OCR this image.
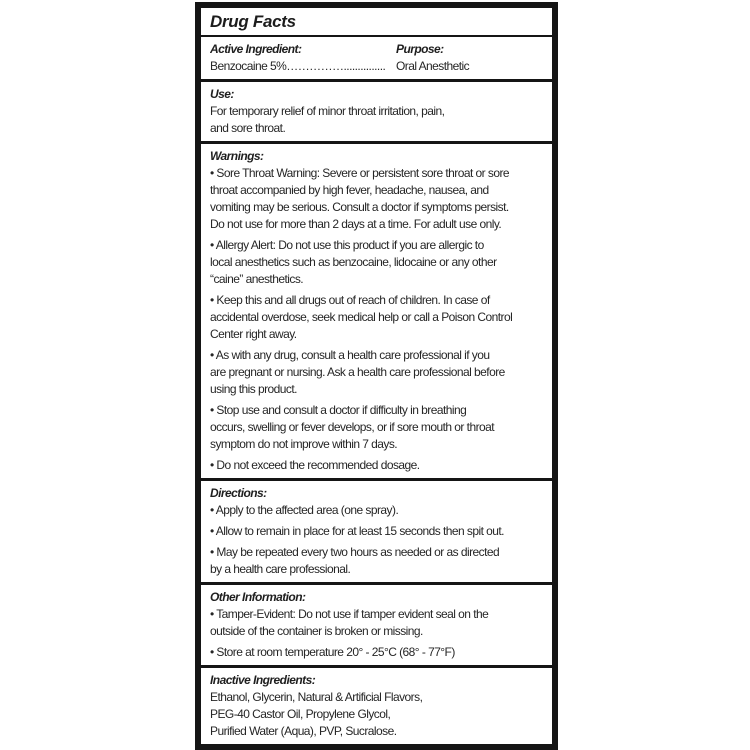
Drug Facts
Active Ingredient:	Purpose:
Benzocaine 5%……………............... Oral Anesthetic
Use:
For temporary relief of minor throat irritation, pain,
and sore throat.
Warnings:
• Sore Throat Warning: Severe or persistent sore throat or sore
throat accompanied by high fever, headache, nausea, and
vomiting may be serious. Consult a doctor if symptoms persist.
Do not use for more than 2 days at a time. For adult use only.
• Allergy Alert: Do not use this product if you are allergic to
local anesthetics such as benzocaine, lidocaine or any other
“caine” anesthetics.
• Keep this and all drugs out of reach of children. In case of
accidental overdose, seek medical help or call a Poison Control
Center right away.
• As with any drug, consult a health care professional if you
are pregnant or nursing. Ask a health care professional before
using this product.
• Stop use and consult a doctor if difficulty in breathing
occurs, swelling or fever develops, or if sore mouth or throat
symptom do not improve within 7 days.
• Do not exceed the recommended dosage.
Directions:
• Apply to the affected area (one spray).
• Allow to remain in place for at least 15 seconds then spit out.
• May be repeated every two hours as needed or as directed
by a health care professional.
Other Information:
• Tamper-Evident: Do not use if tamper evident seal on the
outside of the container is broken or missing.
• Store at room temperature 20° - 25°C (68° - 77°F)
Inactive Ingredients:
Ethanol, Glycerin, Natural & Artificial Flavors,
PEG-40 Castor Oil, Propylene Glycol,
Purified Water (Aqua), PVP, Sucralose.
